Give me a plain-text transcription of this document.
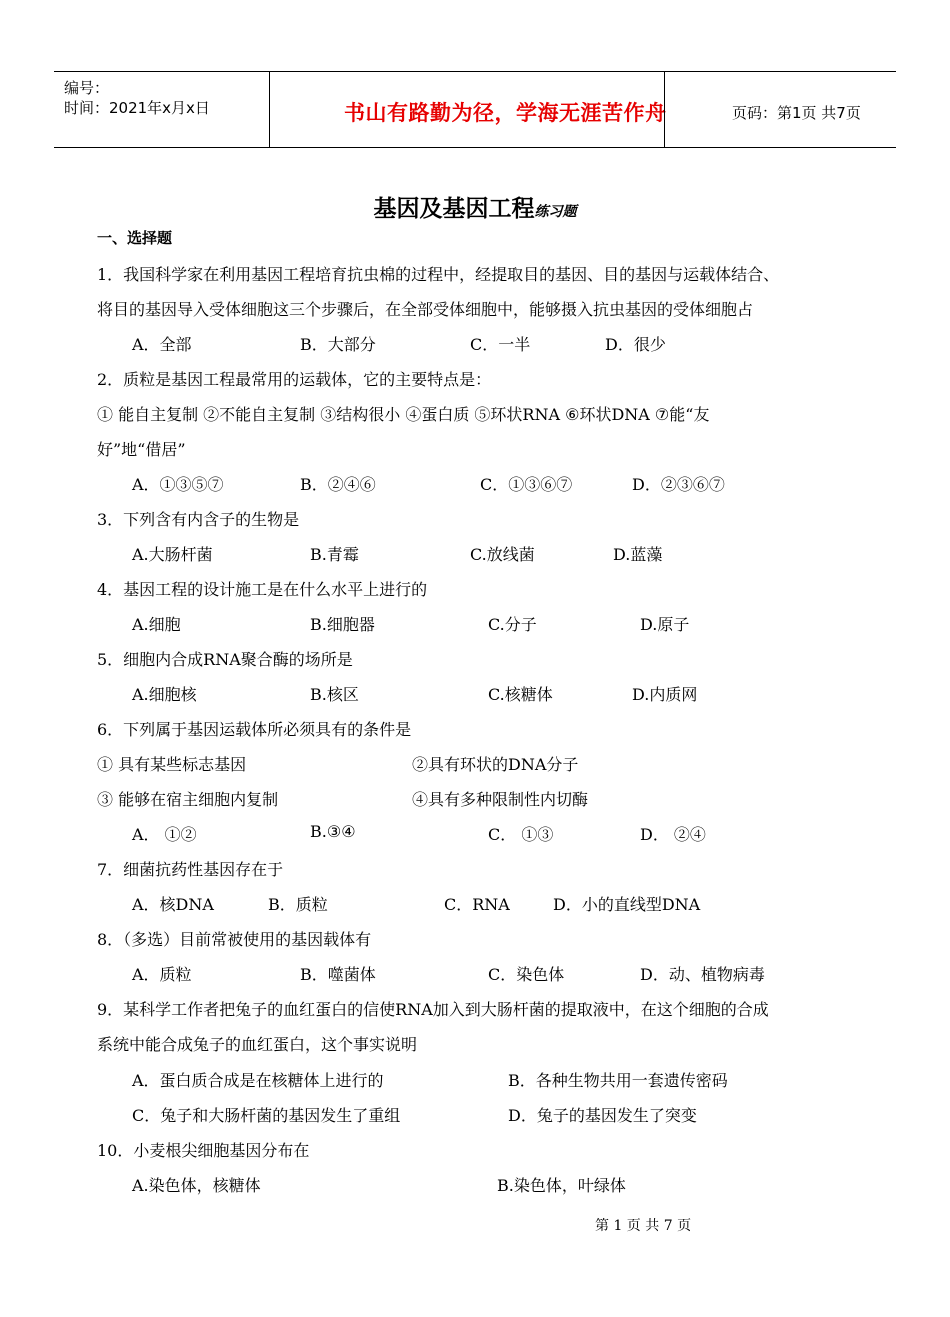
编号：
时间：2021年x月x日	书山有路勤为径，学海无涯苦作舟	页码：第1页 共7页
基因及基因工程练习题
一、选择题
1．我国科学家在利用基因工程培育抗虫棉的过程中，经提取目的基因、目的基因与运载体结合、
将目的基因导入受体细胞这三个步骤后，在全部受体细胞中，能够摄入抗虫基因的受体细胞占
A．全部	B．大部分	C．一半	D．很少
2．质粒是基因工程最常用的运载体，它的主要特点是：
① 能自主复制 ②不能自主复制 ③结构很小 ④蛋白质 ⑤环状RNA ⑥环状DNA ⑦能“友
好”地“借居”
A．①③⑤⑦	B．②④⑥	C．①③⑥⑦	D．②③⑥⑦
3．下列含有内含子的生物是
A.大肠杆菌	B.青霉	C.放线菌	D.蓝藻
4．基因工程的设计施工是在什么水平上进行的
A.细胞	B.细胞器	C.分子	D.原子
5．细胞内合成RNA聚合酶的场所是
A.细胞核	B.核区	C.核糖体	D.内质网
6．下列属于基因运载体所必须具有的条件是
① 具有某些标志基因	②具有环状的DNA分子
③ 能够在宿主细胞内复制	④具有多种限制性内切酶
A． ①②	B.③④	C． ①③	D． ②④
7．细菌抗药性基因存在于
A．核DNA	B．质粒	C．RNA	D．小的直线型DNA
8．（多选）目前常被使用的基因载体有
A．质粒	B．噬菌体	C．染色体	D．动、植物病毒
9．某科学工作者把兔子的血红蛋白的信使RNA加入到大肠杆菌的提取液中，在这个细胞的合成
系统中能合成兔子的血红蛋白，这个事实说明
A．蛋白质合成是在核糖体上进行的	B．各种生物共用一套遗传密码
C．兔子和大肠杆菌的基因发生了重组	D．兔子的基因发生了突变
10．小麦根尖细胞基因分布在
A.染色体，核糖体	B.染色体，叶绿体
第 1 页 共 7 页
